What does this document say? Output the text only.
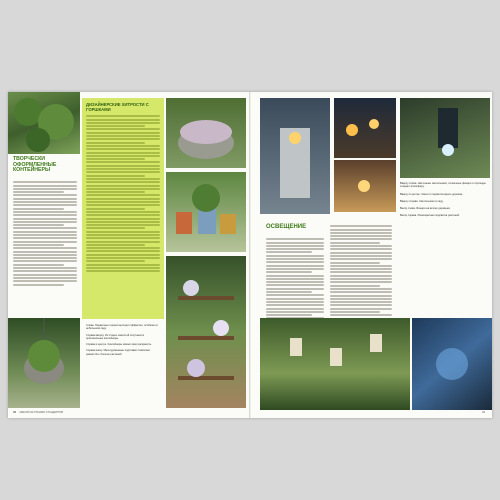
ТВОРЧЕСКИ ОФОРМЛЕННЫЕ КОНТЕЙНЕРЫ
ДИЗАЙНЕРСКИЕ ХИТРОСТИ С ГОРШКАМИ
Слева. Подвесные горшки выглядят эффектно, особенно в небольшом саду.
Справа вверху. Из старых емкостей получаются оригинальные контейнеры.
Справа в центре. Контейнеры можно ярко раскрасить.
Справа внизу. Многоуровневые подставки позволяют разместить больше растений.
48 МЫСЛИ ЗА ГРАНЬЮ СТАНДАРТОВ
ОСВЕЩЕНИЕ
Вверху слева. Настенные светильники, солнечные фонари и гирлянды создают атмосферу.
Вверху в центре. Свечи и подсветка вдоль дорожек.
Вверху справа. Светильники в саду.
Внизу слева. Фонари на ветках деревьев.
Внизу справа. Разноцветная подсветка растений.
49
